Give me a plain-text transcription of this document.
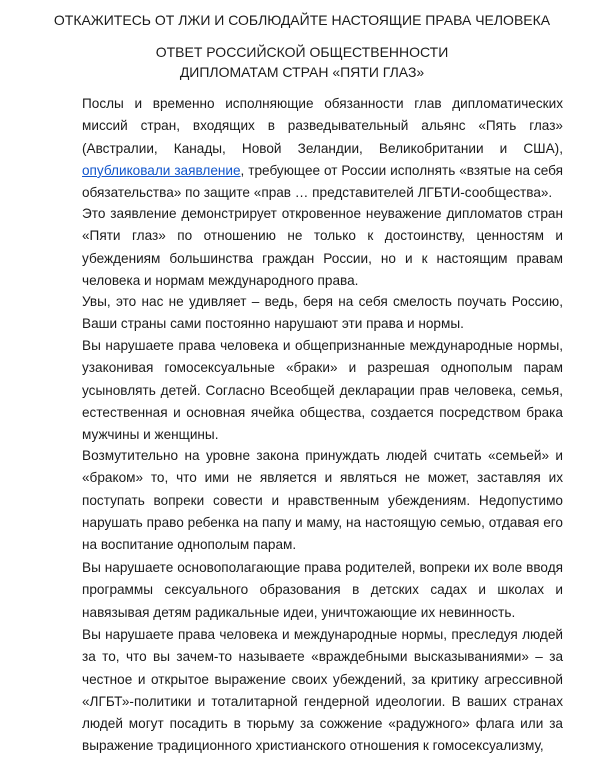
ОТКАЖИТЕСЬ ОТ ЛЖИ И СОБЛЮДАЙТЕ НАСТОЯЩИЕ ПРАВА ЧЕЛОВЕКА
ОТВЕТ РОССИЙСКОЙ ОБЩЕСТВЕННОСТИ
ДИПЛОМАТАМ СТРАН «ПЯТИ ГЛАЗ»

Послы и временно исполняющие обязанности глав дипломатических миссий стран, входящих в разведывательный альянс «Пять глаз» (Австралии, Канады, Новой Зеландии, Великобритании и США), опубликовали заявление, требующее от России исполнять «взятые на себя обязательства» по защите «прав … представителей ЛГБТИ-сообщества».

Это заявление демонстрирует откровенное неуважение дипломатов стран «Пяти глаз» по отношению не только к достоинству, ценностям и убеждениям большинства граждан России, но и к настоящим правам человека и нормам международного права.

Увы, это нас не удивляет – ведь, беря на себя смелость поучать Россию, Ваши страны сами постоянно нарушают эти права и нормы.

Вы нарушаете права человека и общепризнанные международные нормы, узаконивая гомосексуальные «браки» и разрешая однополым парам усыновлять детей. Согласно Всеобщей декларации прав человека, семья, естественная и основная ячейка общества, создается посредством брака мужчины и женщины.

Возмутительно на уровне закона принуждать людей считать «семьей» и «браком» то, что ими не является и являться не может, заставляя их поступать вопреки совести и нравственным убеждениям. Недопустимо нарушать право ребенка на папу и маму, на настоящую семью, отдавая его на воспитание однополым парам.

Вы нарушаете основополагающие права родителей, вопреки их воле вводя программы сексуального образования в детских садах и школах и навязывая детям радикальные идеи, уничтожающие их невинность.

Вы нарушаете права человека и международные нормы, преследуя людей за то, что вы зачем-то называете «враждебными высказываниями» – за честное и открытое выражение своих убеждений, за критику агрессивной «ЛГБТ»-политики и тоталитарной гендерной идеологии. В ваших странах людей могут посадить в тюрьму за сожжение «радужного» флага или за выражение традиционного христианского отношения к гомосексуализму,
